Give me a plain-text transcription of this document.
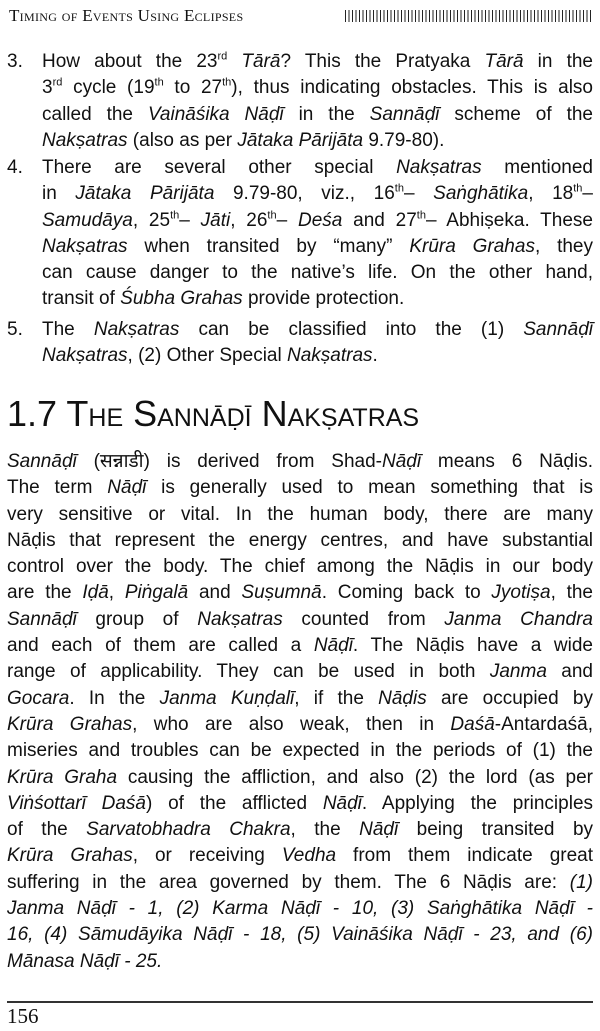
Timing of Events Using Eclipses
3. How about the 23rd Tārā? This the Pratyaka Tārā in the
3rd cycle (19th to 27th), thus indicating obstacles. This is also
called the Vaināśika Nāḍī in the Sannāḍī scheme of the
Nakṣatras (also as per Jātaka Pārijāta 9.79-80).
4. There are several other special Nakṣatras mentioned
in Jātaka Pārijāta 9.79-80, viz., 16th– Saṅghātika, 18th–
Samudāya, 25th– Jāti, 26th– Deśa and 27th– Abhiṣeka. These
Nakṣatras when transited by “many” Krūra Grahas, they
can cause danger to the native’s life. On the other hand,
transit of Śubha Grahas provide protection.
5. The Nakṣatras can be classified into the (1) Sannāḍī
Nakṣatras, (2) Other Special Nakṣatras.
1.7 The Sannāḍī Nakṣatras
Sannāḍī (सन्नाडी) is derived from Shad-Nāḍī means 6 Nāḍis.
The term Nāḍī is generally used to mean something that is
very sensitive or vital. In the human body, there are many
Nāḍis that represent the energy centres, and have substantial
control over the body. The chief among the Nāḍis in our body
are the Iḍā, Piṅgalā and Suṣumnā. Coming back to Jyotiṣa, the
Sannāḍī group of Nakṣatras counted from Janma Chandra
and each of them are called a Nāḍī. The Nāḍis have a wide
range of applicability. They can be used in both Janma and
Gocara. In the Janma Kuṇḍalī, if the Nāḍis are occupied by
Krūra Grahas, who are also weak, then in Daśā-Antardaśā,
miseries and troubles can be expected in the periods of (1) the
Krūra Graha causing the affliction, and also (2) the lord (as per
Viṅśottarī Daśā) of the afflicted Nāḍī. Applying the principles
of the Sarvatobhadra Chakra, the Nāḍī being transited by
Krūra Grahas, or receiving Vedha from them indicate great
suffering in the area governed by them. The 6 Nāḍis are: (1)
Janma Nāḍī - 1, (2) Karma Nāḍī - 10, (3) Saṅghātika Nāḍī -
16, (4) Sāmudāyika Nāḍī - 18, (5) Vaināśika Nāḍī - 23, and (6)
Mānasa Nāḍī - 25.
156
